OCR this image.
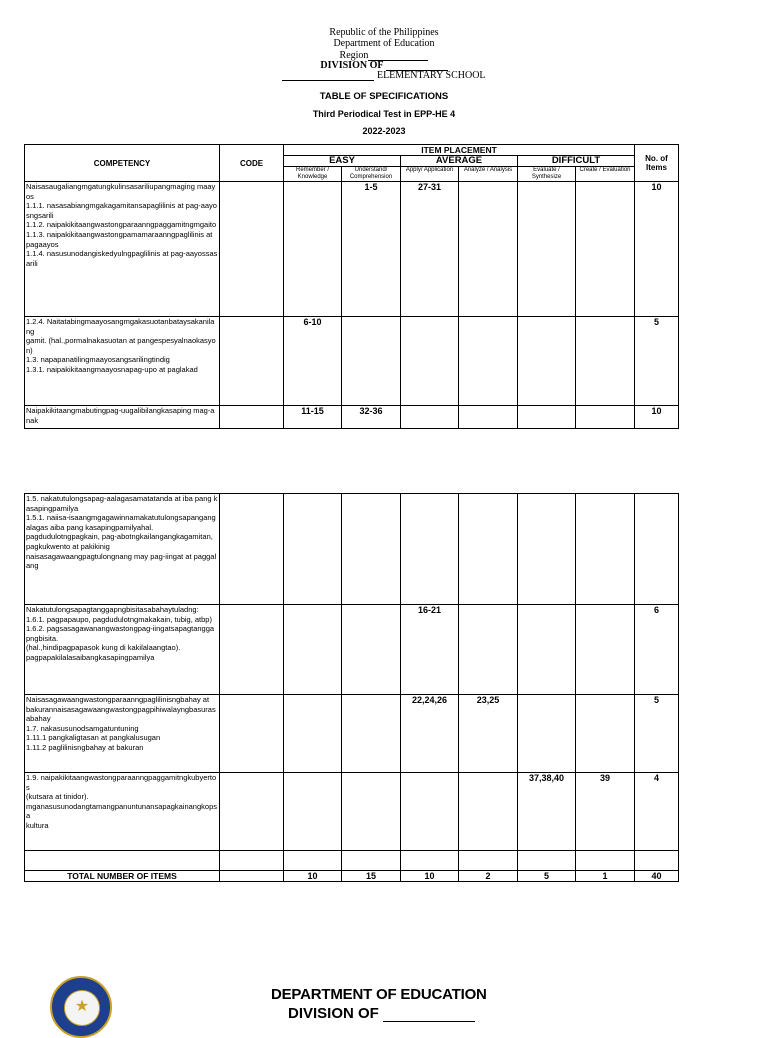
Republic of the Philippines
Department of Education
Region
DIVISION OF
ELEMENTARY SCHOOL
TABLE OF SPECIFICATIONS
Third Periodical Test in EPP-HE 4
2022-2023
COMPETENCY	CODE	ITEM PLACEMENT						No. of Items
		EASY		AVERAGE		DIFFICULT		
		Remember / Knowledge	Understand/ Comprehension	Apply/ Application	Analyze / Analysis	Evaluate / Synthesize	Create / Evaluation	
Naisasaugaliangmgatungkulinsasariliupangmaging maayos
1.1.1. nasasabiangmgakagamitansapaglilinis at pag-aayosngsarili
1.1.2. naipakikitaangwastongparaanngpaggamitngmgaito
1.1.3. naipakikitaangwastongpamamaraanngpaglilinis at pagaayos
1.1.4. nasusunodangiskedyulngpaglilinis at pag-aayossasarili			1-5	27-31				10
1.2.4. Naitatabingmaayosangmgakasuotanbataysakanilang
gamit. (hal.,pormalnakasuotan at pangespesyalnaokasyon)
1.3. napapanatilingmaayosangsarilingtindig
1.3.1. naipakikitaangmaayosnapag-upo at paglakad		6-10						5
Naipakikitaangmabutingpag-uugalibilangkasaping mag-anak		11-15	32-36					10
1.5. nakatutulongsapag-aalagasamatatanda at iba pang kasapingpamilya
1.5.1. naiisa-isaangmgagawinnamakatutulongsapangangalagas aiba pang kasapingpamilyahal.
pagdudulotngpagkain, pag-abotngkailangangkagamitan, pagkukwento at pakikinig
naisasagawaangpagtulongnang may pag-iingat at paggalang								
Nakatutulongsapagtanggapngbisitasabahaytuladng:
1.6.1. pagpapaupo, pagdudulotngmakakain, tubig, atbp)
1.6.2. pagsasagawanangwastongpag-iingatsapagtanggapngbisita.
(hal.,hindipagpapasok kung di kakilalaangtao).
pagpapakilalasaibangkasapingpamilya				16-21				6
Naisasagawaangwastongparaanngpaglilinisngbahay at
bakurannaisasagawaangwastongpagpihiwalayngbasurasabahay
1.7. nakasusunodsamgatuntuning
1.11.1 pangkaligtasan at pangkalusugan
1.11.2 paglilinisngbahay at bakuran				22,24,26	23,25			5
1.9. naipakikitaangwastongparaanngpaggamitngkubyertos
(kutsara at tinidor).
mganasusunodangtamangpanuntunansapagkainangkopsa
kultura						37,38,40	39	4

TOTAL NUMBER OF ITEMS		10	15	10	2	5	1	40
★
DEPARTMENT OF EDUCATION
DIVISION OF
